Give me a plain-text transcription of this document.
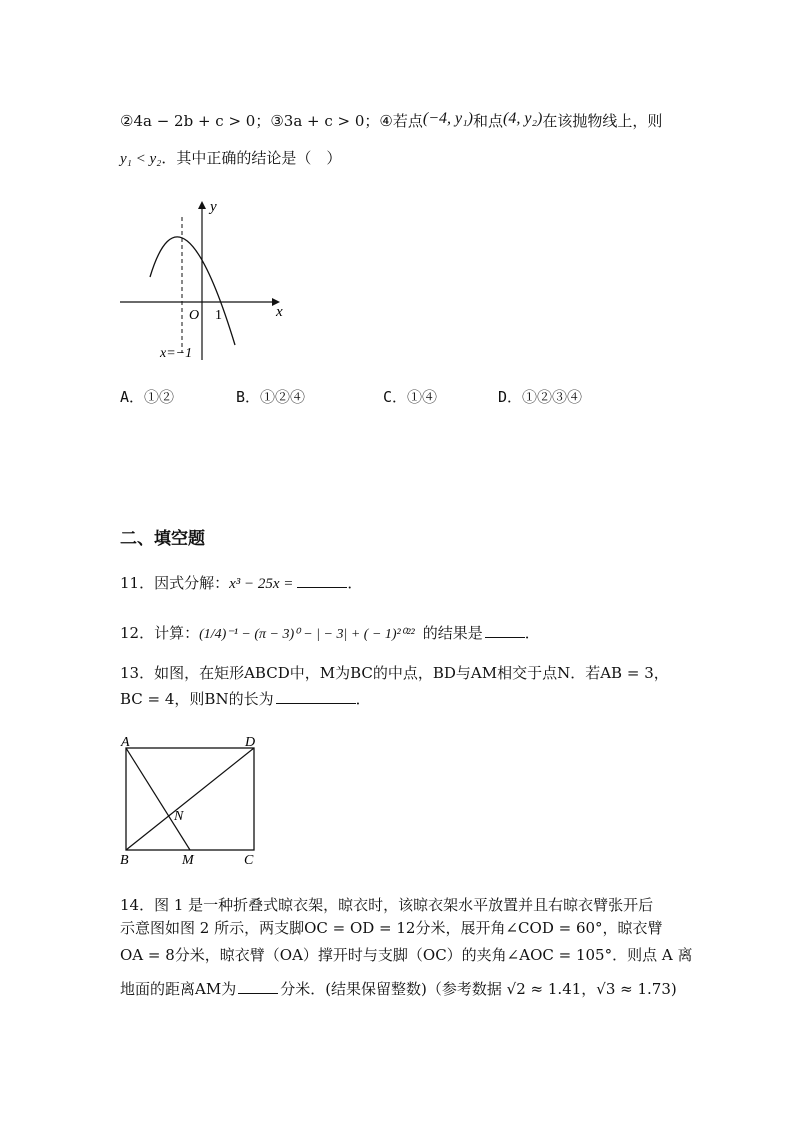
②4a − 2b + c > 0；③3a + c > 0；④若点(−4, y₁)和点(4, y₂)在该抛物线上，则
y₁ < y₂．其中正确的结论是（　）
y
x
O 1
x=−1
A．①②	B．①②④	C．①④	D．①②③④
二、填空题
11．因式分解：x³ − 25x =	．
12．计算：(1/4)⁻¹ − (π − 3)⁰ − | − 3| + ( − 1)²⁰²² 的结果是	．
13．如图，在矩形ABCD中，M为BC的中点，BD与AM相交于点N．若AB = 3，
BC = 4，则BN的长为	．
A	D
B	M	C
N
14．图 1 是一种折叠式晾衣架，晾衣时，该晾衣架水平放置并且右晾衣臂张开后
示意图如图 2 所示，两支脚OC = OD = 12分米，展开角∠COD = 60°，晾衣臂
OA = 8分米，晾衣臂（OA）撑开时与支脚（OC）的夹角∠AOC = 105°．则点 A 离
地面的距离AM为	分米．(结果保留整数)（参考数据 √2 ≈ 1.41，√3 ≈ 1.73)
